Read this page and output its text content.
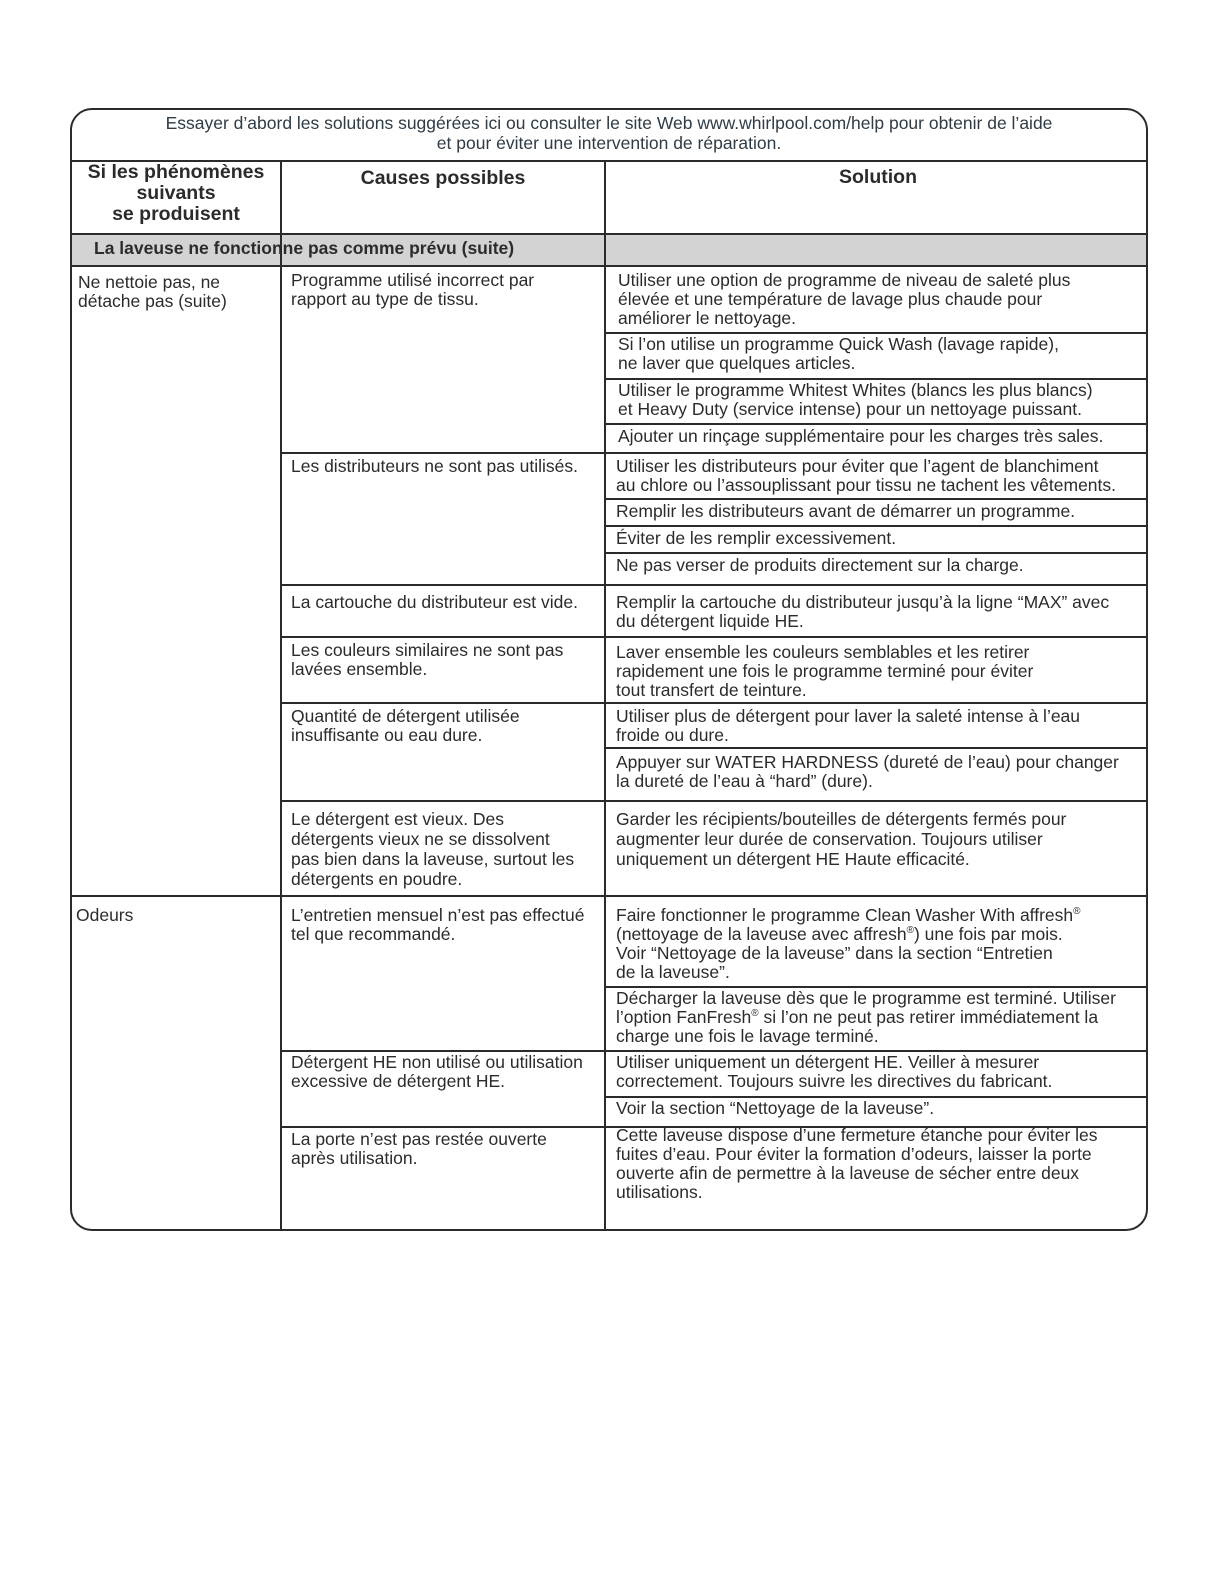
Essayer d’abord les solutions suggérées ici ou consulter le site Web www.whirlpool.com/help pour obtenir de l’aide
et pour éviter une intervention de réparation.
La laveuse ne fonctionne pas comme prévu (suite)
Si les phénomènes
suivants
se produisent
Causes possibles	Solution
Ne nettoie pas, ne
détache pas (suite)
Odeurs
Programme utilisé incorrect par
rapport au type de tissu.
Les distributeurs ne sont pas utilisés.
La cartouche du distributeur est vide.
Les couleurs similaires ne sont pas
lavées ensemble.
Quantité de détergent utilisée
insuffisante ou eau dure.
Le détergent est vieux. Des
détergents vieux ne se dissolvent
pas bien dans la laveuse, surtout les
détergents en poudre.
L’entretien mensuel n’est pas effectué
tel que recommandé.
Détergent HE non utilisé ou utilisation
excessive de détergent HE.
La porte n’est pas restée ouverte
après utilisation.
Utiliser une option de programme de niveau de saleté plus
élevée et une température de lavage plus chaude pour
améliorer le nettoyage.
Si l’on utilise un programme Quick Wash (lavage rapide),
ne laver que quelques articles.
Utiliser le programme Whitest Whites (blancs les plus blancs)
et Heavy Duty (service intense) pour un nettoyage puissant.
Ajouter un rinçage supplémentaire pour les charges très sales.
Utiliser les distributeurs pour éviter que l’agent de blanchiment
au chlore ou l’assouplissant pour tissu ne tachent les vêtements.
Remplir les distributeurs avant de démarrer un programme.
Éviter de les remplir excessivement.
Ne pas verser de produits directement sur la charge.
Remplir la cartouche du distributeur jusqu’à la ligne “MAX” avec
du détergent liquide HE.
Laver ensemble les couleurs semblables et les retirer
rapidement une fois le programme terminé pour éviter
tout transfert de teinture.
Utiliser plus de détergent pour laver la saleté intense à l’eau
froide ou dure.
Appuyer sur WATER HARDNESS (dureté de l’eau) pour changer
la dureté de l’eau à “hard” (dure).
Garder les récipients/bouteilles de détergents fermés pour
augmenter leur durée de conservation. Toujours utiliser
uniquement un détergent HE Haute efficacité.
Faire fonctionner le programme Clean Washer With affresh®
(nettoyage de la laveuse avec affresh®) une fois par mois.
Voir “Nettoyage de la laveuse” dans la section “Entretien
de la laveuse”.
Décharger la laveuse dès que le programme est terminé. Utiliser
l’option FanFresh® si l’on ne peut pas retirer immédiatement la
charge une fois le lavage terminé.
Utiliser uniquement un détergent HE. Veiller à mesurer
correctement. Toujours suivre les directives du fabricant.
Voir la section “Nettoyage de la laveuse”.
Cette laveuse dispose d’une fermeture étanche pour éviter les
fuites d’eau. Pour éviter la formation d’odeurs, laisser la porte
ouverte afin de permettre à la laveuse de sécher entre deux
utilisations.
